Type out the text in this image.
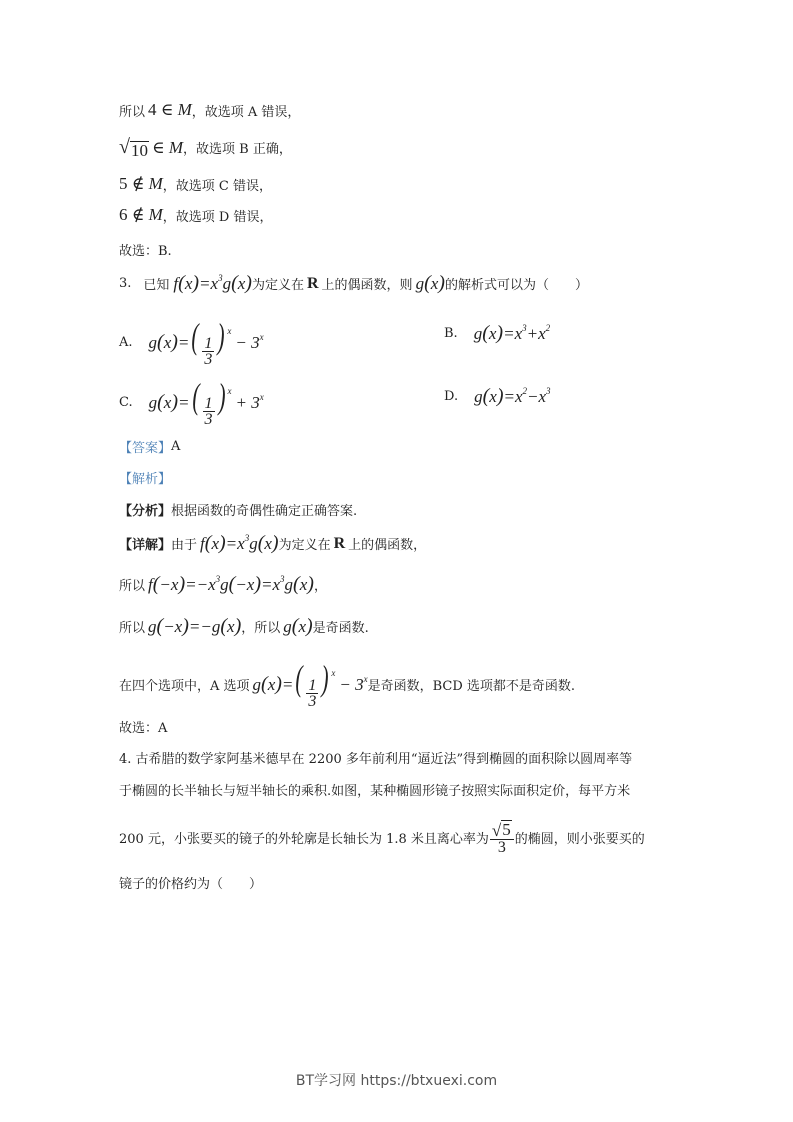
所以 4 ∈ M ，故选项 A 错误，
√ 10 ∈ M ，故选项 B 正确，
5 ∉ M ，故选项 C 错误，
6 ∉ M ，故选项 D 错误，
故选：B.
3. 已知 $f(x)=x^3g(x)$ 为定义在 R 上的偶函数，则 g(x) 的解析式可以为（　　）
A. $g(x)=( \frac{1}{3}$ ) $^x- 3^x$	B. $g(x)=x^3+x^2$
C. $g(x)=( \frac{1}{3}$ ) $^x+ 3^x$	D. $g(x)=x^2-x^3$
【答案】 A
【解析】
【分析】 根据函数的奇偶性确定正确答案.
【详解】 由于 $f(x)=x^3g(x)$ 为定义在 R 上的偶函数，
所以 $f(-x)=-x^3g(-x)=x^3g(x)$ ，
所以 g(−x)=−g(x) ，所以 g(x) 是奇函数.
在四个选项中，A 选项 $g(x)=( \frac{1}{3}$ ) $^x- 3^x$ 是奇函数，BCD 选项都不是奇函数.
故选：A
4. 古希腊的数学家阿基米德早在 2200 多年前利用“逼近法”得到椭圆的面积除以圆周率等
于椭圆的长半轴长与短半轴长的乘积.如图，某种椭圆形镜子按照实际面积定价，每平方米
200 元，小张要买的镜子的外轮廓是长轴长为 1.8 米且离心率为 $\frac{√ 5}{3}$ 的椭圆，则小张要买的
镜子的价格约为（　　）
BT学习网 https://btxuexi.com
